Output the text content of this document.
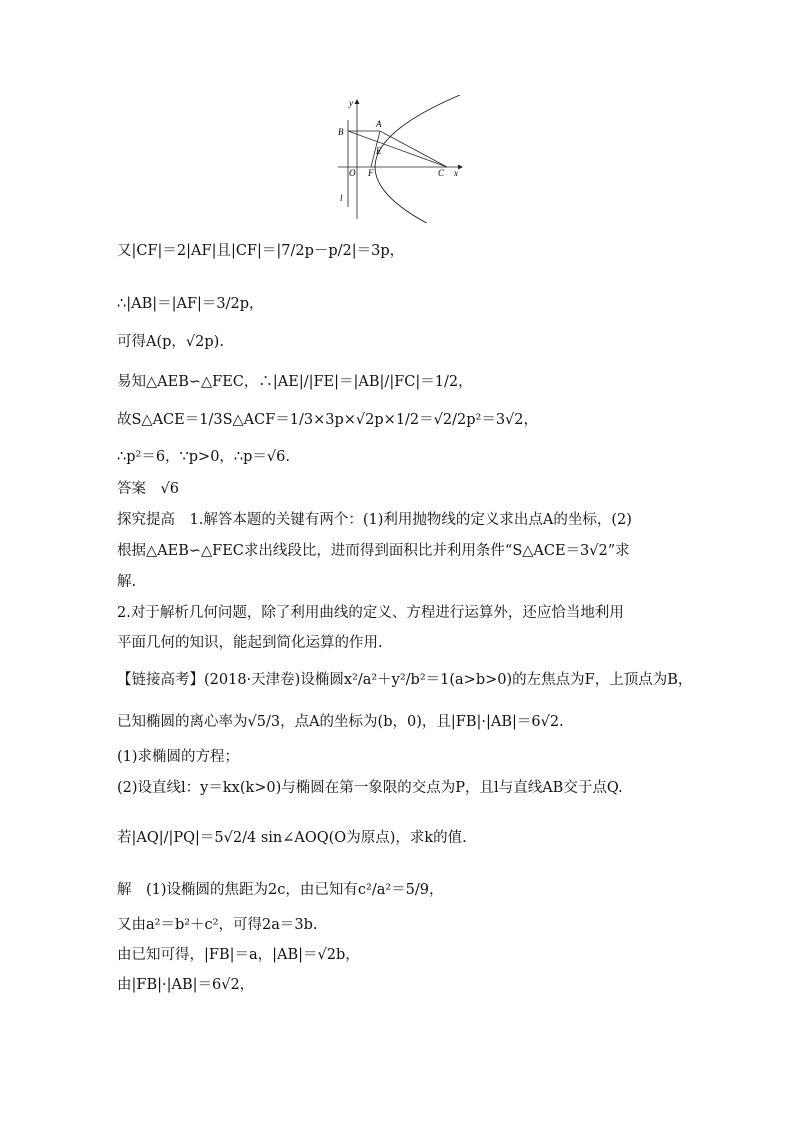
y
x
B
A
E
O F	C
l
又|CF|＝2|AF|且|CF|＝|7/2p－p/2|＝3p，
∴|AB|＝|AF|＝3/2p，
可得A(p，√2p).
易知△AEB∽△FEC，∴|AE|/|FE|＝|AB|/|FC|＝1/2，
故S△ACE＝1/3S△ACF＝1/3×3p×√2p×1/2＝√2/2p²＝3√2，
∴p²＝6，∵p>0，∴p＝√6.
答案　√6
探究提高　1.解答本题的关键有两个：(1)利用抛物线的定义求出点A的坐标，(2)
根据△AEB∽△FEC求出线段比，进而得到面积比并利用条件“S△ACE＝3√2”求
解.
2.对于解析几何问题，除了利用曲线的定义、方程进行运算外，还应恰当地利用
平面几何的知识，能起到简化运算的作用.
【链接高考】(2018·天津卷)设椭圆x²/a²＋y²/b²＝1(a>b>0)的左焦点为F，上顶点为B，
已知椭圆的离心率为√5/3，点A的坐标为(b，0)，且|FB|·|AB|＝6√2.
(1)求椭圆的方程；
(2)设直线l：y＝kx(k>0)与椭圆在第一象限的交点为P，且l与直线AB交于点Q.
若|AQ|/|PQ|＝5√2/4 sin∠AOQ(O为原点)，求k的值.
解　(1)设椭圆的焦距为2c，由已知有c²/a²＝5/9，
又由a²＝b²＋c²，可得2a＝3b.
由已知可得，|FB|＝a，|AB|＝√2b，
由|FB|·|AB|＝6√2，
